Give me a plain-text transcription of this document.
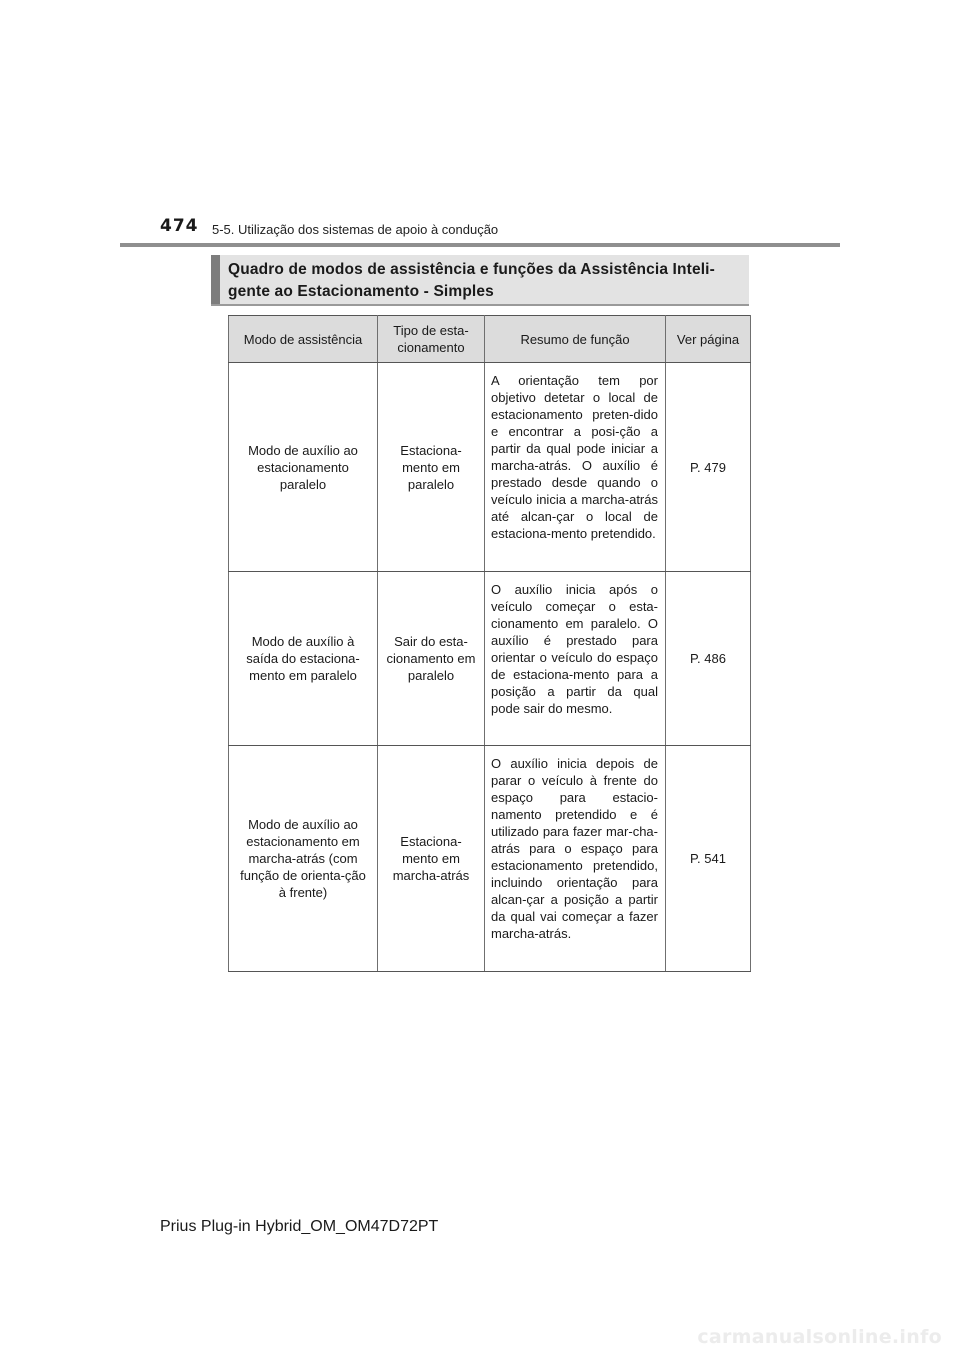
474 5-5. Utilização dos sistemas de apoio à condução
Quadro de modos de assistência e funções da Assistência Inteli-gente ao Estacionamento - Simples
Modo de assistência	Tipo de esta-cionamento	Resumo de função	Ver página
Modo de auxílio ao estacionamento paralelo	Estaciona-mento em paralelo	A orientação tem por objetivo detetar o local de estacionamento preten-dido e encontrar a posi-ção a partir da qual pode iniciar a marcha-atrás. O auxílio é prestado desde quando o veículo inicia a marcha-atrás até alcan-çar o local de estaciona-mento pretendido.	P. 479
Modo de auxílio à saída do estaciona-mento em paralelo	Sair do esta-cionamento em paralelo	O auxílio inicia após o veículo começar o esta-cionamento em paralelo. O auxílio é prestado para orientar o veículo do espaço de estaciona-mento para a posição a partir da qual pode sair do mesmo.	P. 486
Modo de auxílio ao estacionamento em marcha-atrás (com função de orienta-ção à frente)	Estaciona-mento em marcha-atrás	O auxílio inicia depois de parar o veículo à frente do espaço para estacio-namento pretendido e é utilizado para fazer mar-cha-atrás para o espaço para estacionamento pretendido, incluindo orientação para alcan-çar a posição a partir da qual vai começar a fazer marcha-atrás.	P. 541
Prius Plug-in Hybrid_OM_OM47D72PT
carmanualsonline.info
